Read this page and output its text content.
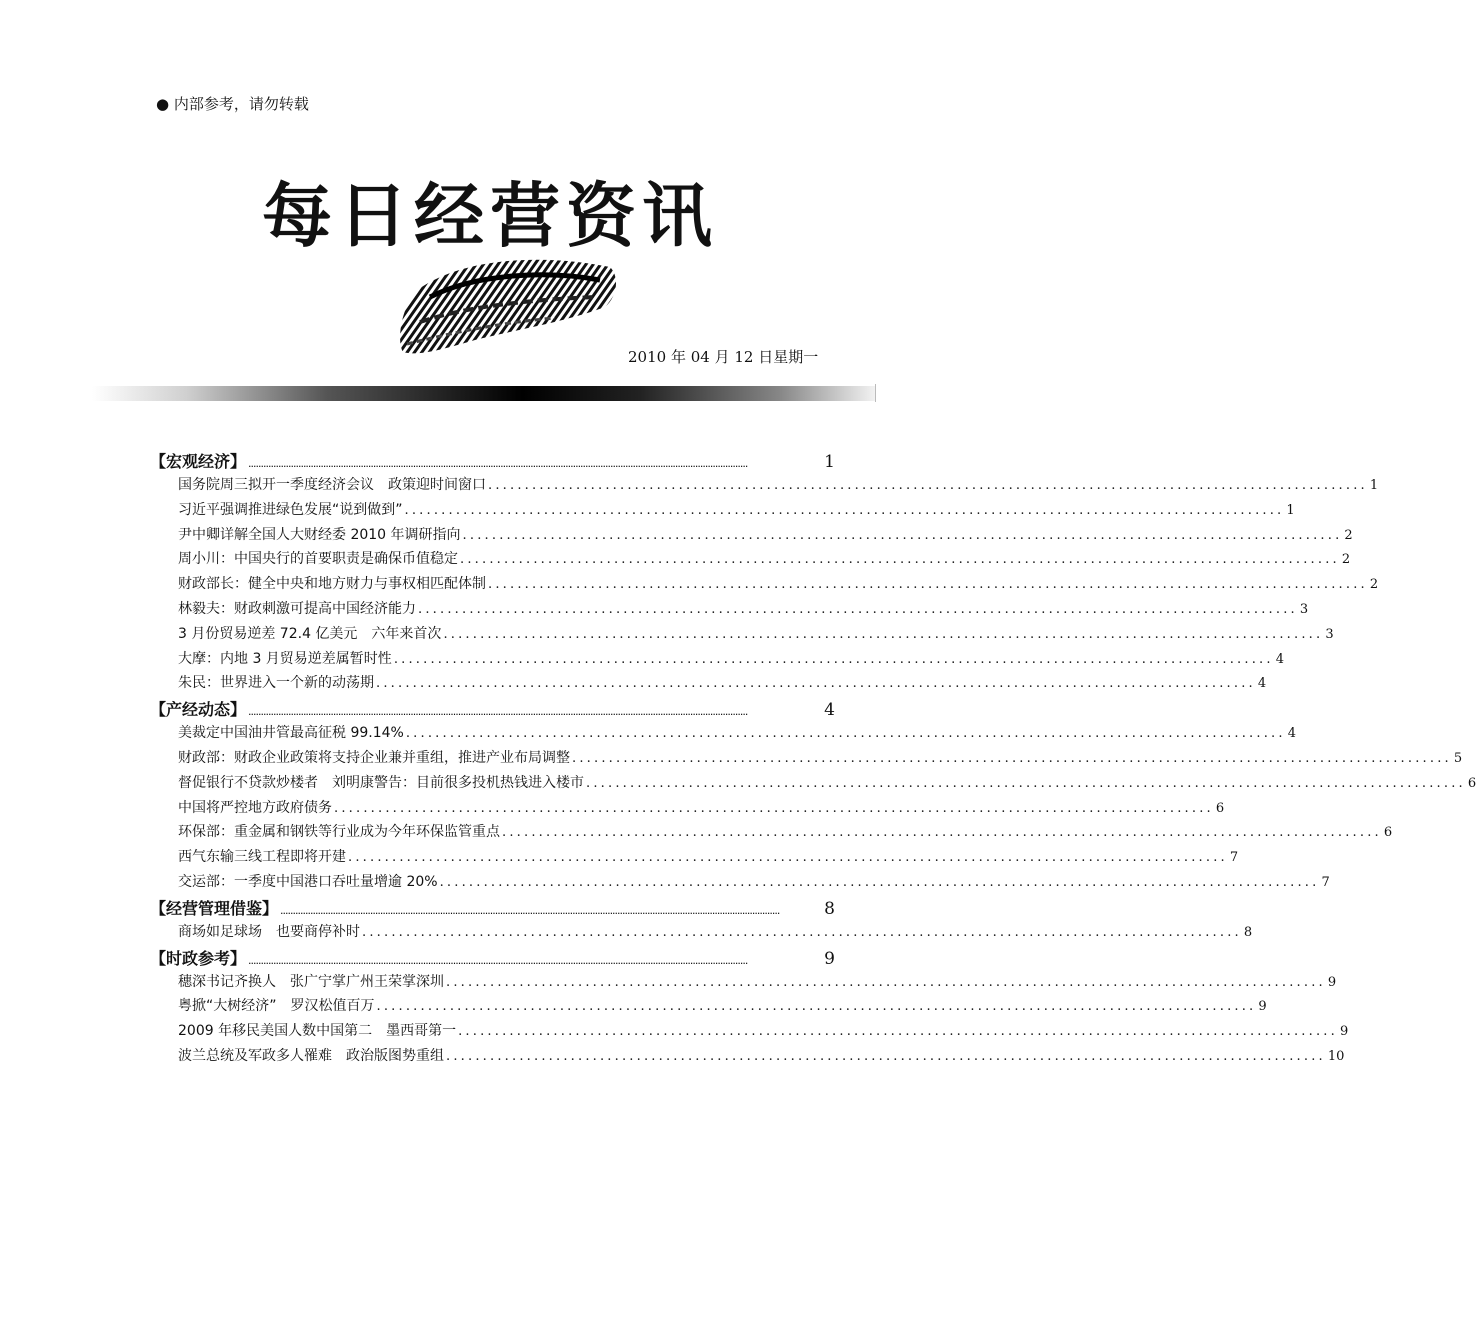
● 内部参考，请勿转载
每日经营资讯
2010 年 04 月 12 日星期一
【宏观经济】 ........................................................................................................................................................................................................	1
国务院周三拟开一季度经济会议　政策迎时间窗口 ........................................................................................................................ 1
习近平强调推进绿色发展“说到做到” ........................................................................................................................ 1
尹中卿详解全国人大财经委 2010 年调研指向 ........................................................................................................................ 2
周小川：中国央行的首要职责是确保币值稳定 ........................................................................................................................ 2
财政部长：健全中央和地方财力与事权相匹配体制 ........................................................................................................................ 2
林毅夫：财政刺激可提高中国经济能力 ........................................................................................................................ 3
3 月份贸易逆差 72.4 亿美元　六年来首次 ........................................................................................................................ 3
大摩：内地 3 月贸易逆差属暂时性 ........................................................................................................................ 4
朱民：世界进入一个新的动荡期 ........................................................................................................................ 4
【产经动态】 ........................................................................................................................................................................................................	4
美裁定中国油井管最高征税 99.14% ........................................................................................................................ 4
财政部：财政企业政策将支持企业兼并重组，推进产业布局调整 ........................................................................................................................ 5
督促银行不贷款炒楼者　刘明康警告：目前很多投机热钱进入楼市 ........................................................................................................................ 6
中国将严控地方政府债务 ........................................................................................................................ 6
环保部：重金属和钢铁等行业成为今年环保监管重点 ........................................................................................................................ 6
西气东输三线工程即将开建 ........................................................................................................................ 7
交运部：一季度中国港口吞吐量增逾 20% ........................................................................................................................ 7
【经营管理借鉴】 ........................................................................................................................................................................................................	8
商场如足球场　也要商停补时 ........................................................................................................................ 8
【时政参考】 ........................................................................................................................................................................................................	9
穗深书记齐换人　张广宁掌广州王荣掌深圳 ........................................................................................................................ 9
粤掀“大树经济”　罗汉松值百万 ........................................................................................................................ 9
2009 年移民美国人数中国第二　墨西哥第一 ........................................................................................................................ 9
波兰总统及军政多人罹难　政治版图势重组 ........................................................................................................................ 10
